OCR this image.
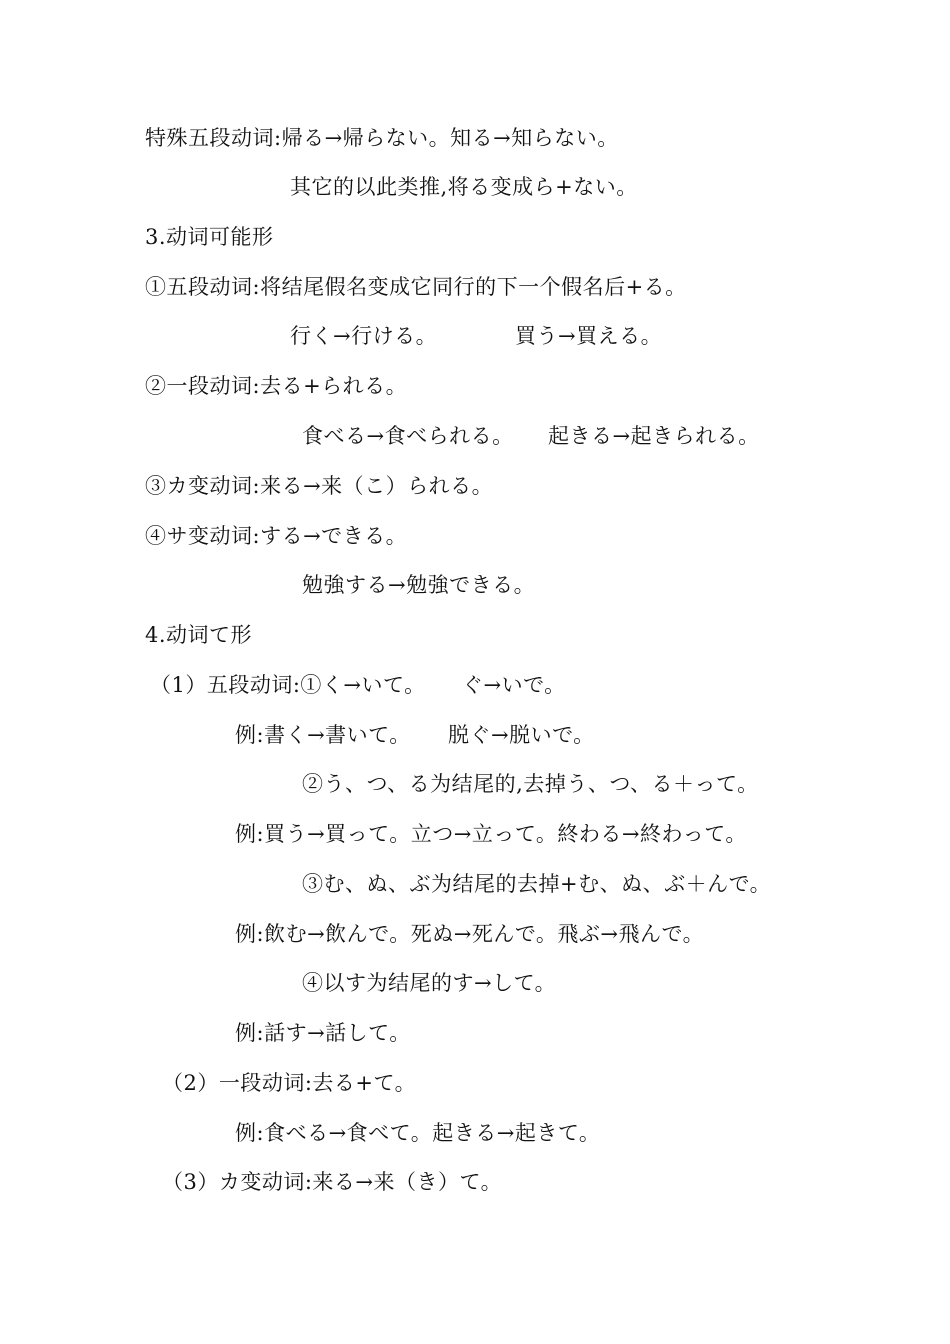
特殊五段动词:帰る→帰らない。知る→知らない。
其它的以此类推,将る变成ら+ない。
3.动词可能形
①五段动词:将结尾假名变成它同行的下一个假名后+る。
行く→行ける。	買う→買える。
②一段动词:去る+られる。
食べる→食べられる。 起きる→起きられる。
③カ变动词:来る→来（こ）られる。
④サ变动词:する→できる。
勉強する→勉強できる。
4.动词て形
（1）五段动词:①く→いて。 ぐ→いで。
例:書く→書いて。 脱ぐ→脱いで。
②う、つ、る为结尾的,去掉う、つ、る＋って。
例:買う→買って。立つ→立って。終わる→終わって。
③む、ぬ、ぶ为结尾的去掉+む、ぬ、ぶ＋んで。
例:飲む→飲んで。死ぬ→死んで。飛ぶ→飛んで。
④以す为结尾的す→して。
例:話す→話して。
（2）一段动词:去る+て。
例:食べる→食べて。起きる→起きて。
（3）カ变动词:来る→来（き）て。
